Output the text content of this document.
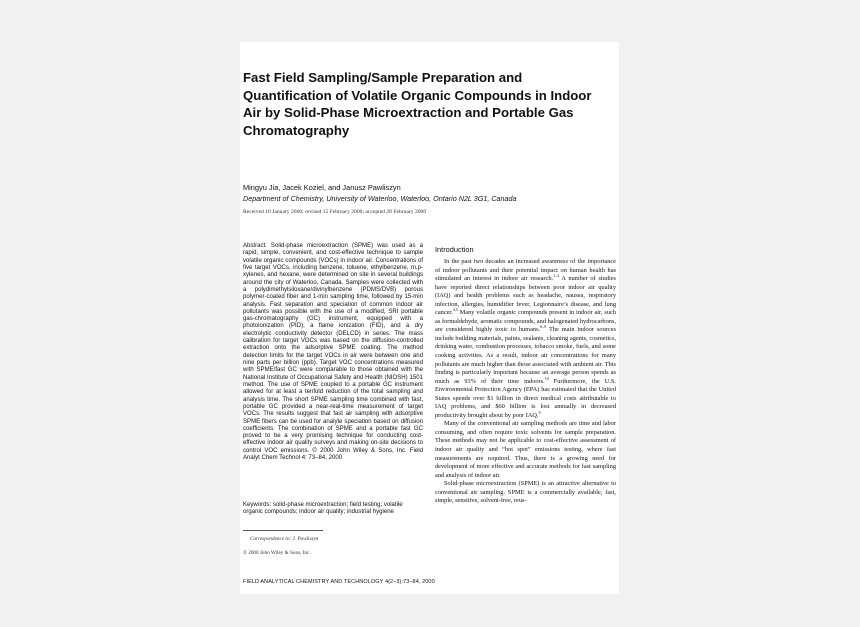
Fast Field Sampling/Sample Preparation and Quantification of Volatile Organic Compounds in Indoor Air by Solid-Phase Microextraction and Portable Gas Chromatography
Mingyu Jia, Jacek Koziel, and Janusz Pawliszyn
Department of Chemistry, University of Waterloo, Waterloo, Ontario N2L 3G1, Canada
Received 10 January 2000; revised 15 February 2000; accepted 28 February 2000

Abstract: Solid-phase microextraction (SPME) was used as a rapid, simple, convenient, and cost-effective technique to sample volatile organic compounds (VOCs) in indoor air. Concentrations of five target VOCs, including benzene, toluene, ethylbenzene, m,p-xylenes, and hexane, were determined on site in several buildings around the city of Waterloo, Canada. Samples were collected with a polydimethylsiloxane/divinylbenzene (PDMS/DVB) porous polymer-coated fiber and 1-min sampling time, followed by 15-min analysis. Fast separation and speciation of common indoor air pollutants was possible with the use of a modified, SRI portable gas-chromatography (GC) instrument, equipped with a photoionization (PID), a flame ionization (FID), and a dry electrolytic conductivity detector (DELCD) in series. The mass calibration for target VOCs was based on the diffusion-controlled extraction onto the adsorptive SPME coating. The method detection limits for the target VOCs in air were between one and nine parts per billion (ppb). Target VOC concentrations measured with SPME/fast GC were comparable to those obtained with the National Institute of Occupational Safety and Health (NIOSH) 1501 method. The use of SPME coupled to a portable GC instrument allowed for at least a tenfold reduction of the total sampling and analysis time. The short SPME sampling time combined with fast, portable GC provided a near-real-time measurement of target VOCs. The results suggest that fast air sampling with adsorptive SPME fibers can be used for analyte speciation based on diffusion coefficients. The combination of SPME and a portable fast GC proved to be a very promising technique for conducting cost-effective indoor air quality surveys and making on-site decisions to control VOC emissions. © 2000 John Wiley & Sons, Inc. Field Analyt Chem Technol 4: 73–84, 2000

Keywords: solid-phase microextraction; field testing; volatile organic compounds; indoor air quality; industrial hygiene

Correspondence to: J. Pawliszyn
© 2000 John Wiley & Sons, Inc.
Introduction

In the past two decades an increased awareness of the importance of indoor pollutants and their potential impact on human health has stimulated an interest in indoor air research.$^{1-3}$ A number of studies have reported direct relationships between poor indoor air quality (IAQ) and health problems such as headache, nausea, respiratory infection, allergies, humidifier fever, Legionnaire’s disease, and lung cancer.$^{4,5}$ Many volatile organic compounds present in indoor air, such as formaldehyde, aromatic compounds, and halogenated hydrocarbons, are considered highly toxic to humans.$^{6-9}$ The main indoor sources include building materials, paints, sealants, cleaning agents, cosmetics, drinking water, combustion processes, tobacco smoke, fuels, and some cooking activities. As a result, indoor air concentrations for many pollutants are much higher than those associated with ambient air. This finding is particularly important because an average person spends as much as 93% of their time indoors.$^{10}$ Furthermore, the U.S. Environmental Protection Agency (EPA) has estimated that the United States spends over $1 billion in direct medical costs attributable to IAQ problems, and $60 billion is lost annually in decreased productivity brought about by poor IAQ.$^9$

Many of the conventional air sampling methods are time and labor consuming, and often require toxic solvents for sample preparation. These methods may not be applicable to cost-effective assessment of indoor air quality and “hot spot” emissions testing, where fast measurements are required. Thus, there is a growing need for development of more effective and accurate methods for fast sampling and analysis of indoor air.

Solid-phase microextraction (SPME) is an attractive alternative to conventional air sampling. SPME is a commercially available, fast, simple, sensitive, solvent-free, reus-

FIELD ANALYTICAL CHEMISTRY AND TECHNOLOGY 4(2–3):73–84, 2000
